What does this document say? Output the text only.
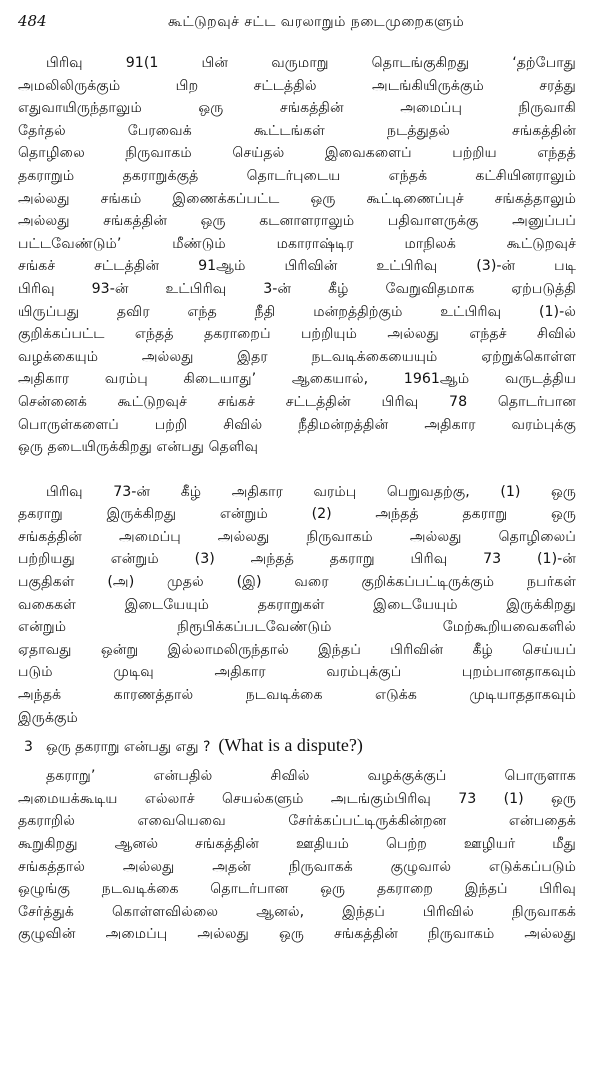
484	கூட்டுறவுச் சட்ட வரலாறும் நடைமுறைகளும்
பிரிவு 91(1 பின் வருமாறு தொடங்குகிறது ‘தற்போது
அமலிலிருக்கும் பிற சட்டத்தில் அடங்கியிருக்கும் சரத்து
எதுவாயிருந்தாலும் ஒரு சங்கத்தின் அமைப்பு நிருவாகி
தேர்தல் பேரவைக் கூட்டங்கள் நடத்துதல் சங்கத்தின்
தொழிலை நிருவாகம் செய்தல் இவைகளைப் பற்றிய எந்தத்
தகராறும் தகராறுக்குத் தொடர்புடைய எந்தக் கட்சியினராலும்
அல்லது சங்கம் இணைக்கப்பட்ட ஒரு கூட்டிணைப்புச் சங்கத்தாலும்
அல்லது சங்கத்தின் ஒரு கடனாளராலும் பதிவாளருக்கு அனுப்பப்
பட்டவேண்டும்’ மீண்டும் மகாராஷ்டிர மாநிலக் கூட்டுறவுச்
சங்கச் சட்டத்தின் 91ஆம் பிரிவின் உட்பிரிவு (3)-ன் படி
பிரிவு 93-ன் உட்பிரிவு 3-ன் கீழ் வேறுவிதமாக ஏற்படுத்தி
யிருப்பது தவிர எந்த நீதி மன்றத்திற்கும் உட்பிரிவு (1)-ல்
குறிக்கப்பட்ட எந்தத் தகராறைப் பற்றியும் அல்லது எந்தச் சிவில்
வழக்கையும் அல்லது இதர நடவடிக்கையையும் ஏற்றுக்கொள்ள
அதிகார வரம்பு கிடையாது’ ஆகையால், 1961ஆம் வருடத்திய
சென்னைக் கூட்டுறவுச் சங்கச் சட்டத்தின் பிரிவு 78 தொடர்பான
பொருள்களைப் பற்றி சிவில் நீதிமன்றத்தின் அதிகார வரம்புக்கு
ஒரு தடையிருக்கிறது என்பது தெளிவு
பிரிவு 73-ன் கீழ் அதிகார வரம்பு பெறுவதற்கு, (1) ஒரு
தகராறு இருக்கிறது என்றும் (2) அந்தத் தகராறு ஒரு
சங்கத்தின் அமைப்பு அல்லது நிருவாகம் அல்லது தொழிலைப்
பற்றியது என்றும் (3) அந்தத் தகராறு பிரிவு 73 (1)-ன்
பகுதிகள் (அ) முதல் (இ) வரை குறிக்கப்பட்டிருக்கும் நபர்கள்
வகைகள் இடையேயும் தகராறுகள் இடையேயும் இருக்கிறது
என்றும் நிரூபிக்கப்படவேண்டும் மேற்கூறியவைகளில்
ஏதாவது ஒன்று இல்லாமலிருந்தால் இந்தப் பிரிவின் கீழ் செய்யப்
படும் முடிவு அதிகார வரம்புக்குப் புறம்பானதாகவும்
அந்தக் காரணத்தால் நடவடிக்கை எடுக்க முடியாததாகவும்
இருக்கும்
3 ஒரு தகராறு என்பது எது ? (What is a dispute?)
தகராறு’ என்பதில் சிவில் வழக்குக்குப் பொருளாக
அமையக்கூடிய எல்லாச் செயல்களும் அடங்கும்பிரிவு 73 (1) ஒரு
தகராறில் எவையெவை சேர்க்கப்பட்டிருக்கின்றன என்பதைக்
கூறுகிறது ஆனல் சங்கத்தின் ஊதியம் பெற்ற ஊழியர் மீது
சங்கத்தால் அல்லது அதன் நிருவாகக் குழுவால் எடுக்கப்படும்
ஒழுங்கு நடவடிக்கை தொடர்பான ஒரு தகராறை இந்தப் பிரிவு
சேர்த்துக் கொள்ளவில்லை ஆனல், இந்தப் பிரிவில் நிருவாகக்
குழுவின் அமைப்பு அல்லது ஒரு சங்கத்தின் நிருவாகம் அல்லது
